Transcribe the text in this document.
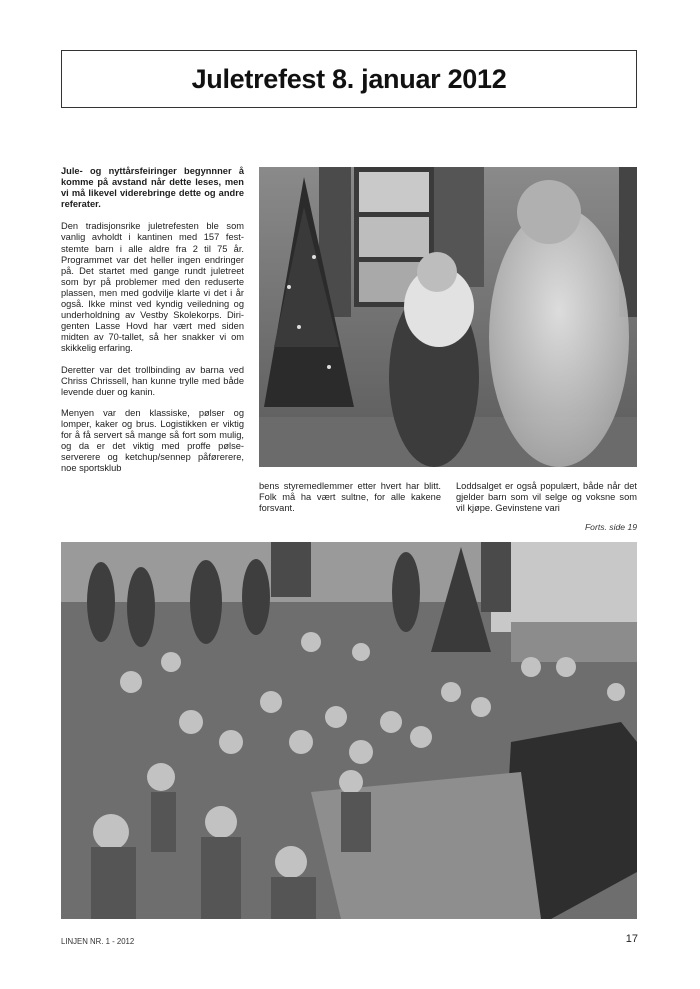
Juletrefest 8. januar 2012

Jule- og nyttårsfeiringer begynnner å komme på avstand når dette leses, men vi må likevel viderebringe dette og andre referater.

Den tradisjonsrike juletrefesten ble som vanlig avholdt i kantinen med 157 feststemte barn i alle aldre fra 2 til 75 år. Programmet var det heller ingen endringer på. Det startet med gange rundt juletreet som byr på problemer med den reduserte plassen, men med godvilje klarte vi det i år også. Ikke minst ved kyndig veiledning og underholdning av Vestby Skolekorps. Dirigenten Lasse Hovd har vært med siden midten av 70-tallet, så her snakker vi om skikkelig erfaring.

Deretter var det trollbinding av barna ved Chriss Chrissell, han kunne trylle med både levende duer og kanin.

Menyen var den klassiske, pølser og lomper, kaker og brus. Logistikken er viktig for å få servert så mange så fort som mulig, og da er det viktig med proffe pølse-serverere og ketchup/sennep påførerere, noe sportsklub

bens styremedlemmer etter hvert har blitt. Folk må ha vært sultne, for alle kakene forsvant.

Loddsalget er også populært, både når det gjelder barn som vil selge og voksne som vil kjøpe. Gevinstene vari

Forts. side 19
LINJEN NR. 1 - 2012	17
